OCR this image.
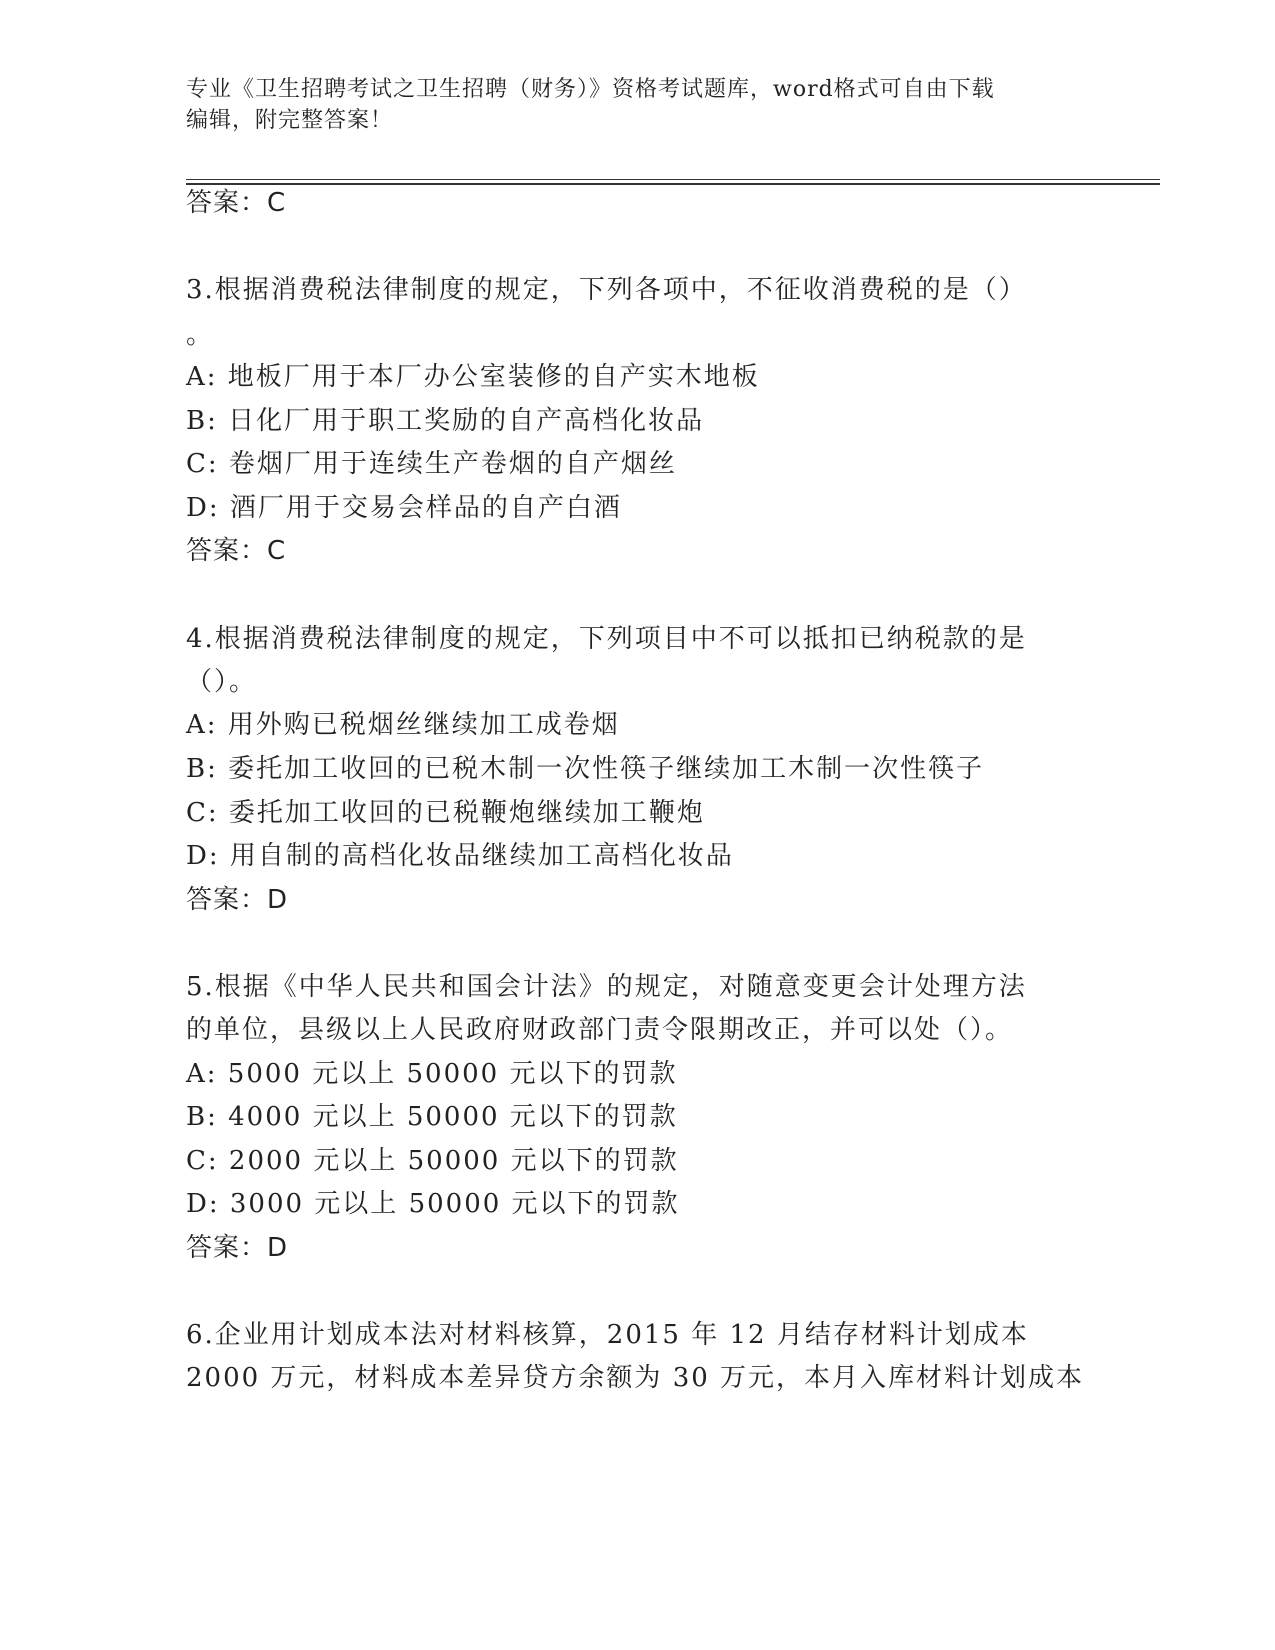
专业《卫生招聘考试之卫生招聘（财务）》资格考试题库，word格式可自由下载
编辑，附完整答案！
答案：C
3.根据消费税法律制度的规定，下列各项中，不征收消费税的是（）
。
A: 地板厂用于本厂办公室装修的自产实木地板
B: 日化厂用于职工奖励的自产高档化妆品
C: 卷烟厂用于连续生产卷烟的自产烟丝
D: 酒厂用于交易会样品的自产白酒
答案：C
4.根据消费税法律制度的规定，下列项目中不可以抵扣已纳税款的是
（）。
A: 用外购已税烟丝继续加工成卷烟
B: 委托加工收回的已税木制一次性筷子继续加工木制一次性筷子
C: 委托加工收回的已税鞭炮继续加工鞭炮
D: 用自制的高档化妆品继续加工高档化妆品
答案：D
5.根据《中华人民共和国会计法》的规定，对随意变更会计处理方法
的单位，县级以上人民政府财政部门责令限期改正，并可以处（）。
A: 5000 元以上 50000 元以下的罚款
B: 4000 元以上 50000 元以下的罚款
C: 2000 元以上 50000 元以下的罚款
D: 3000 元以上 50000 元以下的罚款
答案：D
6.企业用计划成本法对材料核算，2015 年 12 月结存材料计划成本
2000 万元，材料成本差异贷方余额为 30 万元，本月入库材料计划成本
